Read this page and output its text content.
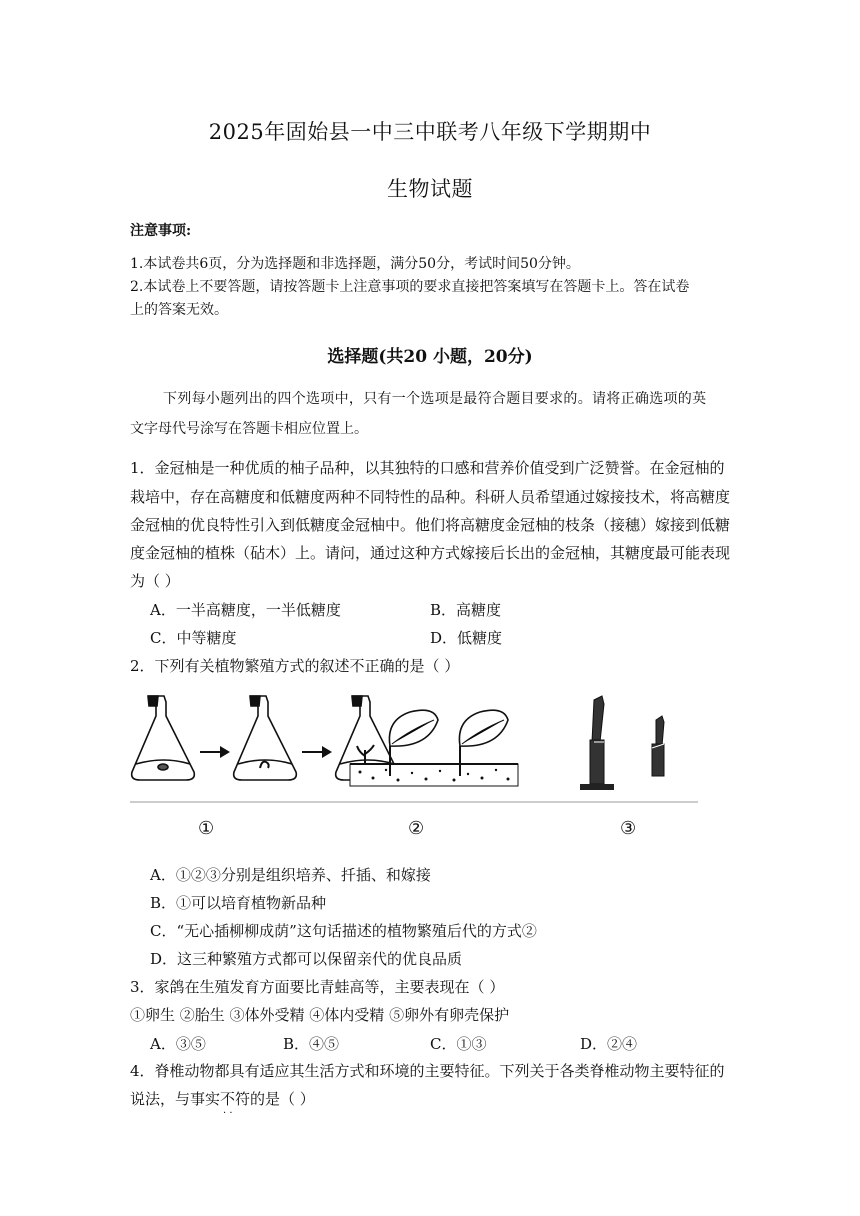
2025年固始县一中三中联考八年级下学期期中
生物试题
注意事项:
1.本试卷共6页，分为选择题和非选择题，满分50分，考试时间50分钟。
2.本试卷上不要答题，请按答题卡上注意事项的要求直接把答案填写在答题卡上。答在试卷
上的答案无效。
选择题(共20 小题，20分)
下列每小题列出的四个选项中，只有一个选项是最符合题目要求的。请将正确选项的英
文字母代号涂写在答题卡相应位置上。
1．金冠柚是一种优质的柚子品种，以其独特的口感和营养价值受到广泛赞誉。在金冠柚的
栽培中，存在高糖度和低糖度两种不同特性的品种。科研人员希望通过嫁接技术，将高糖度
金冠柚的优良特性引入到低糖度金冠柚中。他们将高糖度金冠柚的枝条（接穗）嫁接到低糖
度金冠柚的植株（砧木）上。请问，通过这种方式嫁接后长出的金冠柚，其糖度最可能表现
为（ ）
A．一半高糖度，一半低糖度	B．高糖度
C．中等糖度	D．低糖度
2．下列有关植物繁殖方式的叙述不正确的是（ ）
①	②	③
A．①②③分别是组织培养、扦插、和嫁接
B．①可以培育植物新品种
C．“无心插柳柳成荫”这句话描述的植物繁殖后代的方式②
D．这三种繁殖方式都可以保留亲代的优良品质
3．家鸽在生殖发育方面要比青蛙高等，主要表现在（ ）
①卵生 ②胎生 ③体外受精 ④体内受精 ⑤卵外有卵壳保护
A．③⑤	B．④⑤	C．①③	D．②④
4．脊椎动物都具有适应其生活方式和环境的主要特征。下列关于各类脊椎动物主要特征的
说法，与事实不符的是（ ）
· ·
